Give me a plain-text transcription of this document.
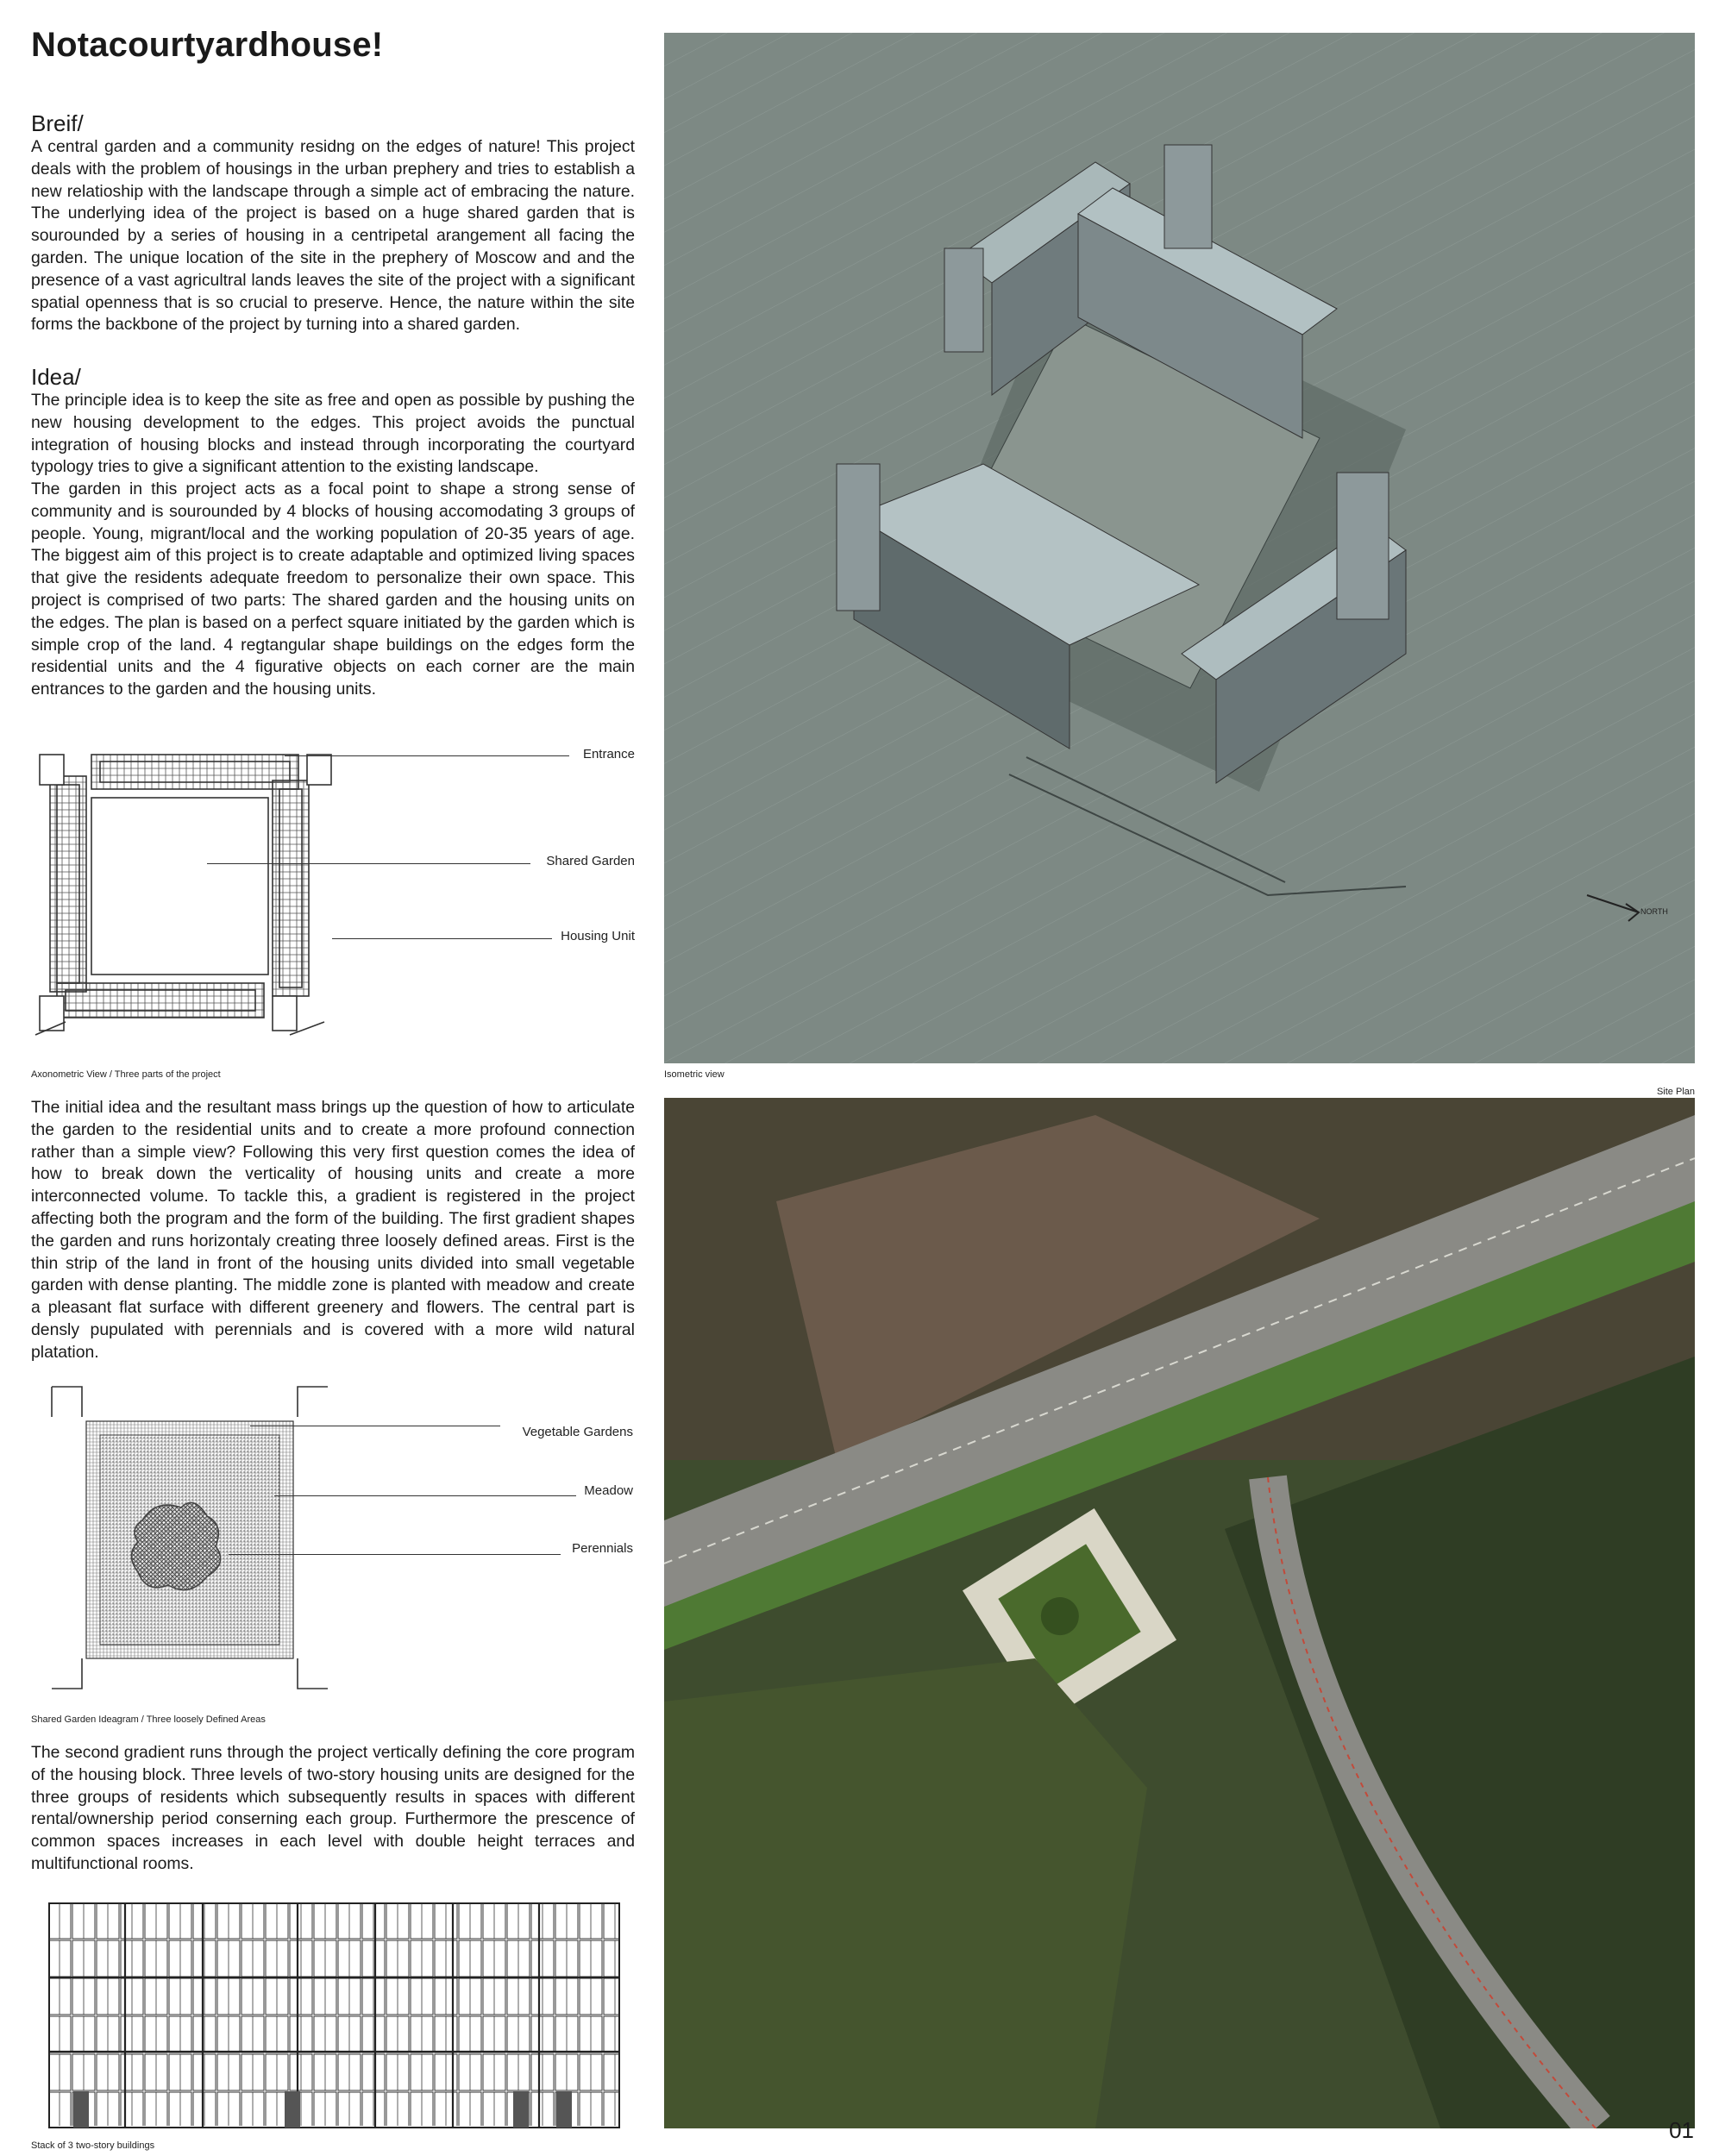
Notacourtyardhouse!
Breif/

A central garden and a community residng on the edges of nature! This project deals with the problem of housings in the urban prephery and tries to establish a new relatioship with the landscape through a simple act of embracing the nature. The underlying idea of the project is based on a huge shared garden that is sourounded by a series of housing in a centripetal arangement all facing the garden. The unique location of the site in the prephery of Moscow and and the presence of a vast agricultral lands leaves the site of the project with a significant spatial openness that is so crucial to preserve. Hence, the nature within the site forms the backbone of the project by turning into a shared garden.

Idea/

The principle idea is to keep the site as free and open as possible by pushing the new housing development to the edges. This project avoids the punctual integration of housing blocks and instead through incorporating the courtyard typology tries to give a significant attention to the existing landscape.

The garden in this project acts as a focal point to shape a strong sense of community and is sourounded by 4 blocks of housing accomodating 3 groups of people. Young, migrant/local and the working population of 20-35 years of age. The biggest aim of this project is to create adaptable and optimized living spaces that give the residents adequate freedom to personalize their own space. This project is comprised of two parts: The shared garden and the housing units on the edges. The plan is based on a perfect square initiated by the garden which is simple crop of the land. 4 regtangular shape buildings on the edges form the residential units and the 4 figurative objects on each corner are the main entrances to the garden and the housing units.

Entrance
Shared Garden
Housing Unit
Axonometric View / Three parts of the project

The initial idea and the resultant mass brings up the question of how to articulate the garden to the residential units and to create a more profound connection rather than a simple view? Following this very first question comes the idea of how to break down the verticality of housing units and create a more interconnected volume. To tackle this, a gradient is registered in the project affecting both the program and the form of the building. The first gradient shapes the garden and runs horizontaly creating three loosely defined areas. First is the thin strip of the land in front of the housing units divided into small vegetable garden with dense planting. The middle zone is planted with meadow and create a pleasant flat surface with different greenery and flowers. The central part is densly pupulated with perennials and is covered with a more wild natural platation.

Vegetable Gardens
Meadow
Perennials
Shared Garden Ideagram / Three loosely Defined Areas

The second gradient runs through the project vertically defining the core program of the housing block. Three levels of two-story housing units are designed for the three groups of residents which subsequently results in spaces with different rental/ownership period conserning each group. Furthermore the prescence of common spaces increases in each level with double height terraces and multifunctional rooms.

Stack of 3 two-story buildings
NORTH
Isometric view
Site Plan
01
